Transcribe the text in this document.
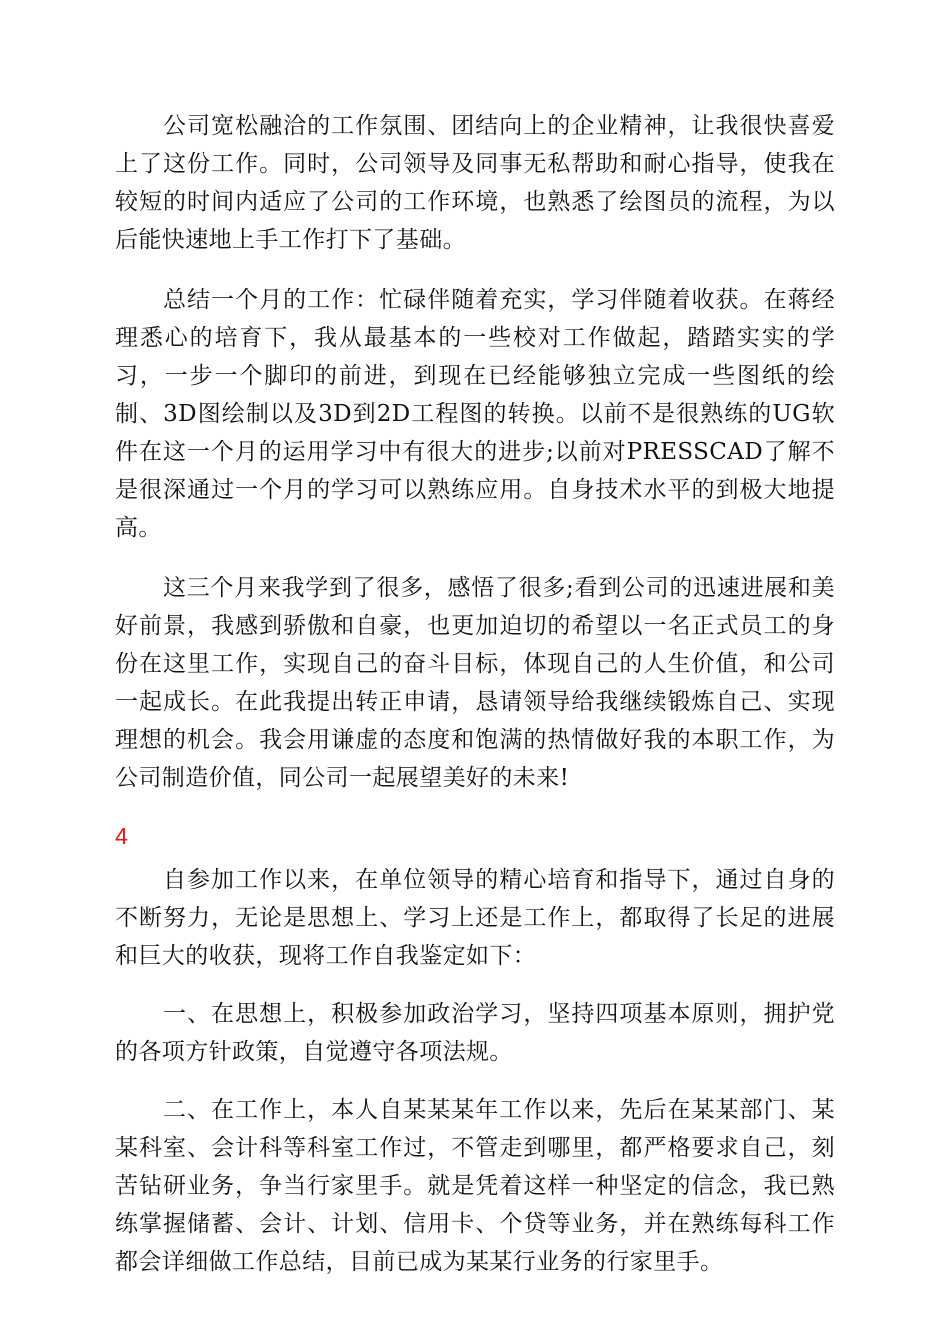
公司宽松融洽的工作氛围、团结向上的企业精神，让我很快喜爱上了这份工作。同时，公司领导及同事无私帮助和耐心指导，使我在较短的时间内适应了公司的工作环境，也熟悉了绘图员的流程，为以后能快速地上手工作打下了基础。

总结一个月的工作：忙碌伴随着充实，学习伴随着收获。在蒋经理悉心的培育下，我从最基本的一些校对工作做起，踏踏实实的学习，一步一个脚印的前进，到现在已经能够独立完成一些图纸的绘制、3D图绘制以及3D到2D工程图的转换。以前不是很熟练的UG软件在这一个月的运用学习中有很大的进步;以前对PRESSCAD了解不是很深通过一个月的学习可以熟练应用。自身技术水平的到极大地提高。

这三个月来我学到了很多，感悟了很多;看到公司的迅速进展和美好前景，我感到骄傲和自豪，也更加迫切的希望以一名正式员工的身份在这里工作，实现自己的奋斗目标，体现自己的人生价值，和公司一起成长。在此我提出转正申请，恳请领导给我继续锻炼自己、实现理想的机会。我会用谦虚的态度和饱满的热情做好我的本职工作，为公司制造价值，同公司一起展望美好的未来!

4

自参加工作以来，在单位领导的精心培育和指导下，通过自身的不断努力，无论是思想上、学习上还是工作上，都取得了长足的进展和巨大的收获，现将工作自我鉴定如下：

一、在思想上，积极参加政治学习，坚持四项基本原则，拥护党的各项方针政策，自觉遵守各项法规。

二、在工作上，本人自某某某年工作以来，先后在某某部门、某某科室、会计科等科室工作过，不管走到哪里，都严格要求自己，刻苦钻研业务，争当行家里手。就是凭着这样一种坚定的信念，我已熟练掌握储蓄、会计、计划、信用卡、个贷等业务，并在熟练每科工作都会详细做工作总结，目前已成为某某行业务的行家里手。
